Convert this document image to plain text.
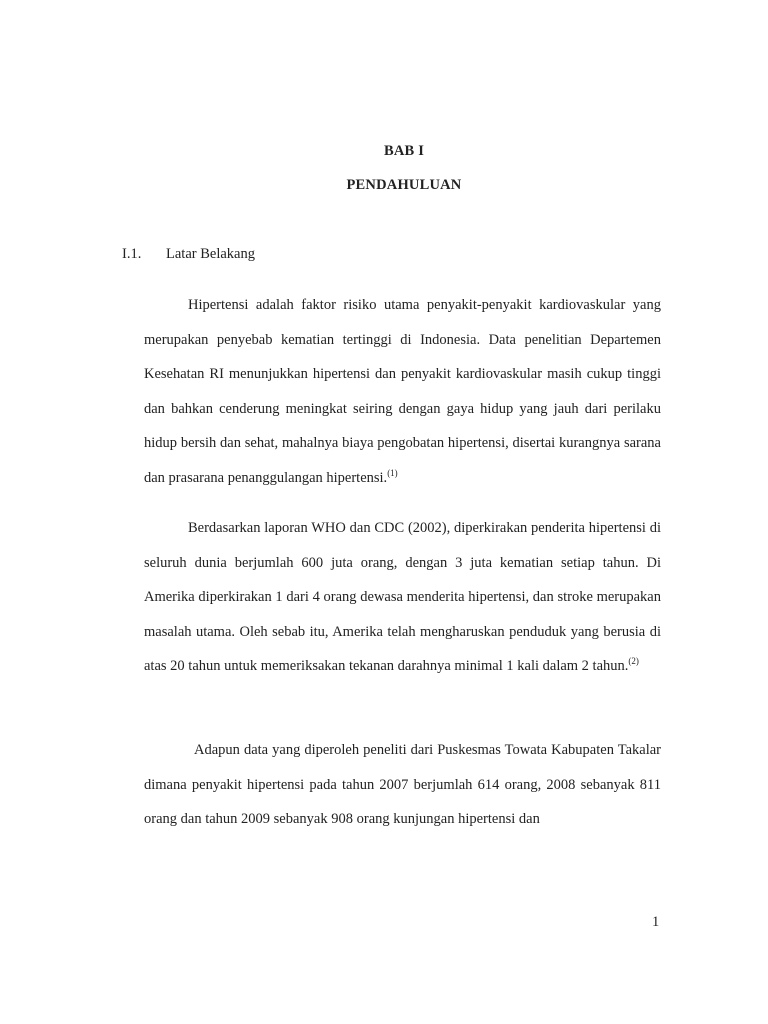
BAB I
PENDAHULUAN
I.1. Latar Belakang

Hipertensi adalah faktor risiko utama penyakit-penyakit kardiovaskular yang merupakan penyebab kematian tertinggi di Indonesia. Data penelitian Departemen Kesehatan RI menunjukkan hipertensi dan penyakit kardiovaskular masih cukup tinggi dan bahkan cenderung meningkat seiring dengan gaya hidup yang jauh dari perilaku hidup bersih dan sehat, mahalnya biaya pengobatan hipertensi, disertai kurangnya sarana dan prasarana penanggulangan hipertensi.$^{(1)}$

Berdasarkan laporan WHO dan CDC (2002), diperkirakan penderita hipertensi di seluruh dunia berjumlah 600 juta orang, dengan 3 juta kematian setiap tahun. Di Amerika diperkirakan 1 dari 4 orang dewasa menderita hipertensi, dan stroke merupakan masalah utama. Oleh sebab itu, Amerika telah mengharuskan penduduk yang berusia di atas 20 tahun untuk memeriksakan tekanan darahnya minimal 1 kali dalam 2 tahun.$^{(2)}$

Adapun data yang diperoleh peneliti dari Puskesmas Towata Kabupaten Takalar dimana penyakit hipertensi pada tahun 2007 berjumlah 614 orang, 2008 sebanyak 811 orang dan tahun 2009 sebanyak 908 orang kunjungan hipertensi dan

1
